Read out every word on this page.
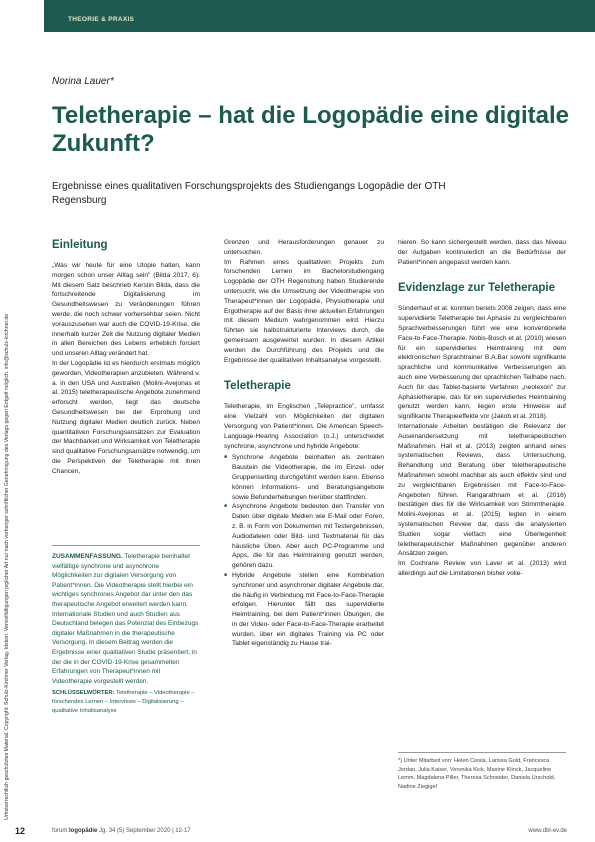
Urheberrechtlich geschütztes Material. Copyright: Schulz-Kirchner Verlag, Idstein. Vervielfältigungen jeglicher Art nur nach vorheriger schriftlicher Genehmigung des Verlags gegen Entgelt möglich. info@schulz-kirchner.de
THEORIE & PRAXIS
Norina Lauer*
Teletherapie – hat die Logopädie eine digitale Zukunft?
Ergebnisse eines qualitativen Forschungsprojekts des Studiengangs Logopädie der OTH Regensburg
Einleitung

„Was wir heute für eine Utopie halten, kann morgen schon unser Alltag sein" (Bilda 2017, 6). Mit diesem Satz beschrieb Kerstin Bilda, dass die fortschreitende Digitalisierung im Gesundheitswesen zu Veränderungen führen werde, die noch schwer vorhersehbar seien. Nicht vorauszusehen war auch die COVID-19-Krise, die innerhalb kurzer Zeit die Nutzung digitaler Medien in allen Bereichen des Lebens erheblich forciert und unseren Alltag verändert hat.

In der Logopädie ist es hierdurch erstmals möglich geworden, Videotherapien anzubieten. Während v. a. in den USA und Australien (Molini-Avejonas et al. 2015) teletherapeutische Angebote zunehmend erforscht werden, liegt das deutsche Gesundheitswesen bei der Erprobung und Nutzung digitaler Medien deutlich zurück. Neben quantitativen Forschungsansätzen zur Evaluation der Machbarkeit und Wirksamkeit von Teletherapie sind qualitative Forschungsansätze notwendig, um die Perspektiven der Teletherapie mit ihren Chancen,

ZUSAMMENFASSUNG. Teletherapie beinhaltet vielfältige synchrone und asynchrone Möglichkeiten zur digitalen Versorgung von Patient*innen. Die Videotherapie stellt hierbei ein wichtiges synchrones Angebot dar unter den das therapeutische Angebot erweitert werden kann. Internationale Studien und auch Studien aus Deutschland belegen das Potenzial des Einbezugs digitaler Maßnahmen in die therapeutische Versorgung. In diesem Beitrag werden die Ergebnisse einer qualitativen Studie präsentiert, in der die in der COVID-19-Krise gesammelten Erfahrungen von Therapeut*innen mit Videotherapie vorgestellt werden.
SCHLÜSSELWÖRTER: Teletherapie – Videotherapie – forschendes Lernen – Interviews – Digitalisierung – qualitative Inhaltsanalyse

Grenzen und Herausforderungen genauer zu untersuchen.

Im Rahmen eines qualitativen Projekts zum forschenden Lernen im Bachelorstudiengang Logopädie der OTH Regensburg haben Studierende untersucht, wie die Umsetzung der Videotherapie von Therapeut*innen der Logopädie, Physiotherapie und Ergotherapie auf der Basis ihrer aktuellen Erfahrungen mit diesem Medium wahrgenommen wird. Hierzu führten sie halbstrukturierte Interviews durch, die gemeinsam ausgewertet wurden. In diesem Artikel werden die Durchführung des Projekts und die Ergebnisse der qualitativen Inhaltsanalyse vorgestellt.

Teletherapie

Teletherapie, im Englischen „Telepractice", umfasst eine Vielzahl von Möglichkeiten der digitalen Versorgung von Patient*innen. Die American Speech-Language-Hearing Association (o.J.) unterscheidet synchrone, asynchrone und hybride Angebote:

■ Synchrone Angebote beinhalten als zentralen Baustein die Videotherapie, die im Einzel- oder Gruppensetting durchgeführt werden kann. Ebenso können Informations- und Beratungsangebote sowie Befunderhebungen hierüber stattfinden.
■ Asynchrone Angebote bedeuten den Transfer von Daten über digitale Medien wie E-Mail oder Foren, z. B. in Form von Dokumenten mit Testergebnissen, Audiodateien oder Bild- und Textmaterial für das häusliche Üben. Aber auch PC-Programme und Apps, die für das Heimtraining genutzt werden, gehören dazu.
■ Hybride Angebote stellen eine Kombination synchroner und asynchroner digitaler Angebote dar, die häufig in Verbindung mit Face-to-Face-Therapie erfolgen. Hierunter fällt das supervidierte Heimtraining, bei dem Patient*innen Übungen, die in der Video- oder Face-to-Face-Therapie erarbeitet wurden, über ein digitales Training via PC oder Tablet eigenständig zu Hause trai-

nieren. So kann sichergestellt werden, dass das Niveau der Aufgaben kontinuierlich an die Bedürfnisse der Patient*innen angepasst werden kann.

Evidenzlage zur Teletherapie

Sünderhauf et al. konnten bereits 2008 zeigen, dass eine supervidierte Teletherapie bei Aphasie zu vergleichbaren Sprachverbesserungen führt wie eine konventionelle Face-to-Face-Therapie. Nobis-Bosch et al. (2010) wiesen für ein supervidiertes Heimtraining mit dem elektronischen Sprachtrainer B.A.Bar sowohl signifikante sprachliche und kommunikative Verbesserungen als auch eine Verbesserung der sprachlichen Teilhabe nach. Auch für das Tablet-basierte Verfahren „neolexon" zur Aphasietherapie, das für ein supervidiertes Heimtraining genutzt werden kann, liegen erste Hinweise auf signifikante Therapieeffekte vor (Jakob et al. 2018).

Internationale Arbeiten bestätigen die Relevanz der Auseinandersetzung mit teletherapeutischen Maßnahmen. Hall et al. (2013) zeigten anhand eines systematischen Reviews, dass Untersuchung, Behandlung und Beratung über teletherapeutische Maßnahmen sowohl machbar als auch effektiv sind und zu vergleichbaren Ergebnissen mit Face-to-Face-Angeboten führen. Rangarathnam et al. (2016) bestätigen dies für die Wirksamkeit von Stimmtherapie. Molini-Avejonas et al. (2015) legten in einem systematischen Review dar, dass die analysierten Studien sogar vielfach eine Überlegenheit teletherapeutischer Maßnahmen gegenüber anderen Ansätzen zeigen.

Im Cochrane Review von Laver et al. (2013) wird allerdings auf die Limitationen bisher volie-

*) Unter Mitarbeit von: Helen Ciesla, Larissa Gold, Francesca Jordan, Julia Kaiser, Veronika Kick, Maxine Klinck, Jacqueline Lemm, Magdalena Piller, Theresa Schneider, Daniela Urschold, Nadine Ziegigel
12	forum:logopädie Jg. 34 (5) September 2020 | 12-17	www.dbl-ev.de
